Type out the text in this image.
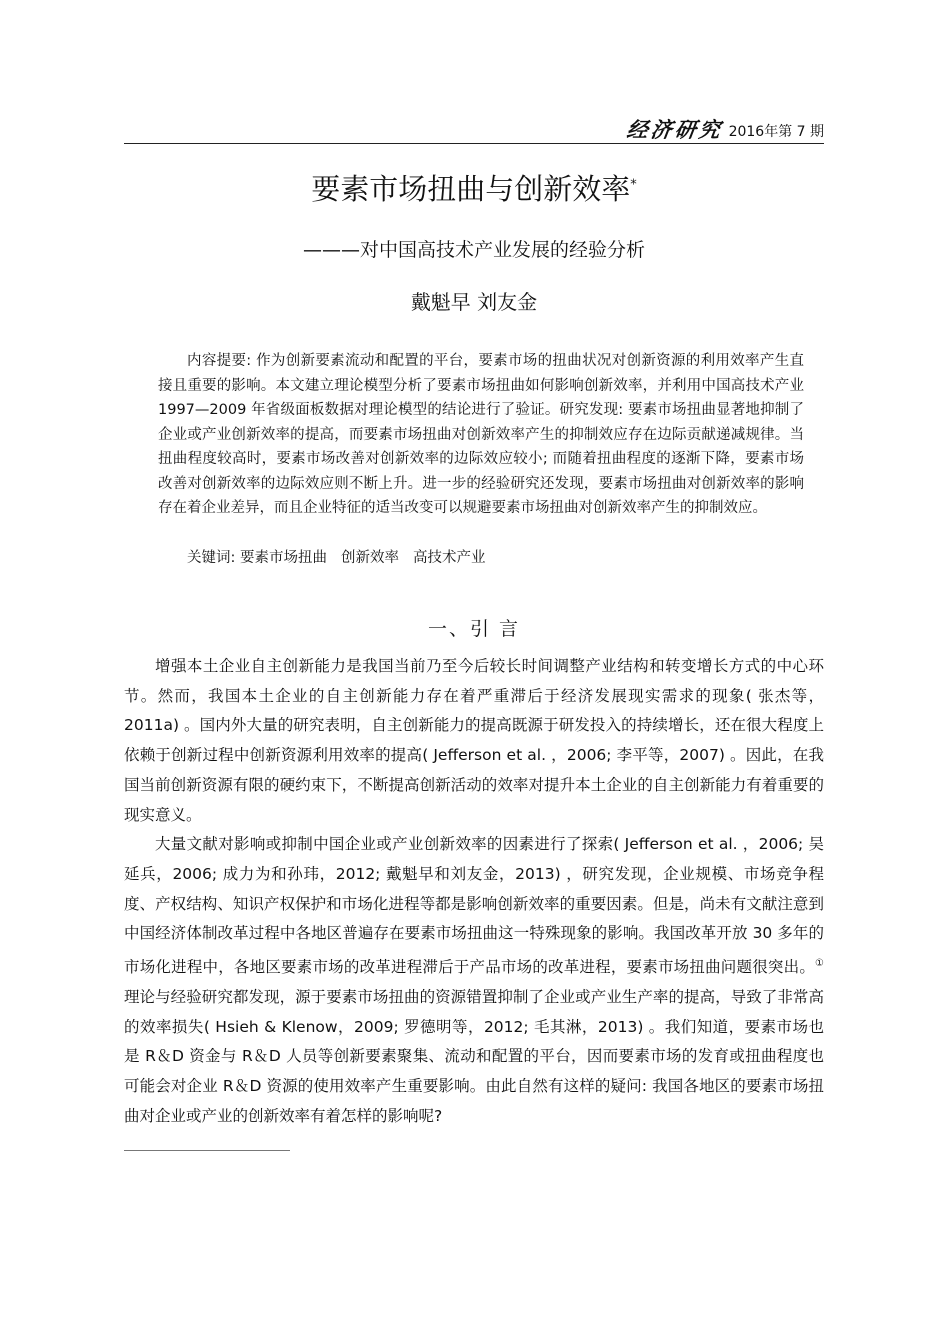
经济研究 2016年第 7 期
要素市场扭曲与创新效率*
———对中国高技术产业发展的经验分析
戴魁早 刘友金

内容提要: 作为创新要素流动和配置的平台，要素市场的扭曲状况对创新资源的利用效率产生直接且重要的影响。本文建立理论模型分析了要素市场扭曲如何影响创新效率，并利用中国高技术产业 1997—2009 年省级面板数据对理论模型的结论进行了验证。研究发现: 要素市场扭曲显著地抑制了企业或产业创新效率的提高，而要素市场扭曲对创新效率产生的抑制效应存在边际贡献递减规律。当扭曲程度较高时，要素市场改善对创新效率的边际效应较小; 而随着扭曲程度的逐渐下降，要素市场改善对创新效率的边际效应则不断上升。进一步的经验研究还发现，要素市场扭曲对创新效率的影响存在着企业差异，而且企业特征的适当改变可以规避要素市场扭曲对创新效率产生的抑制效应。

关键词: 要素市场扭曲 创新效率 高技术产业
一、引 言

增强本土企业自主创新能力是我国当前乃至今后较长时间调整产业结构和转变增长方式的中心环节。然而，我国本土企业的自主创新能力存在着严重滞后于经济发展现实需求的现象( 张杰等，2011a) 。国内外大量的研究表明，自主创新能力的提高既源于研发投入的持续增长，还在很大程度上依赖于创新过程中创新资源利用效率的提高( Jefferson et al. ，2006; 李平等，2007) 。因此，在我国当前创新资源有限的硬约束下，不断提高创新活动的效率对提升本土企业的自主创新能力有着重要的现实意义。

大量文献对影响或抑制中国企业或产业创新效率的因素进行了探索( Jefferson et al. ，2006; 吴延兵，2006; 成力为和孙玮，2012; 戴魁早和刘友金，2013) ，研究发现，企业规模、市场竞争程度、产权结构、知识产权保护和市场化进程等都是影响创新效率的重要因素。但是，尚未有文献注意到中国经济体制改革过程中各地区普遍存在要素市场扭曲这一特殊现象的影响。我国改革开放 30 多年的市场化进程中，各地区要素市场的改革进程滞后于产品市场的改革进程，要素市场扭曲问题很突出。①理论与经验研究都发现，源于要素市场扭曲的资源错置抑制了企业或产业生产率的提高，导致了非常高的效率损失( Hsieh & Klenow，2009; 罗德明等，2012; 毛其淋，2013) 。我们知道，要素市场也是 R＆D 资金与 R＆D 人员等创新要素聚集、流动和配置的平台，因而要素市场的发育或扭曲程度也可能会对企业 R＆D 资源的使用效率产生重要影响。由此自然有这样的疑问: 我国各地区的要素市场扭曲对企业或产业的创新效率有着怎样的影响呢?
